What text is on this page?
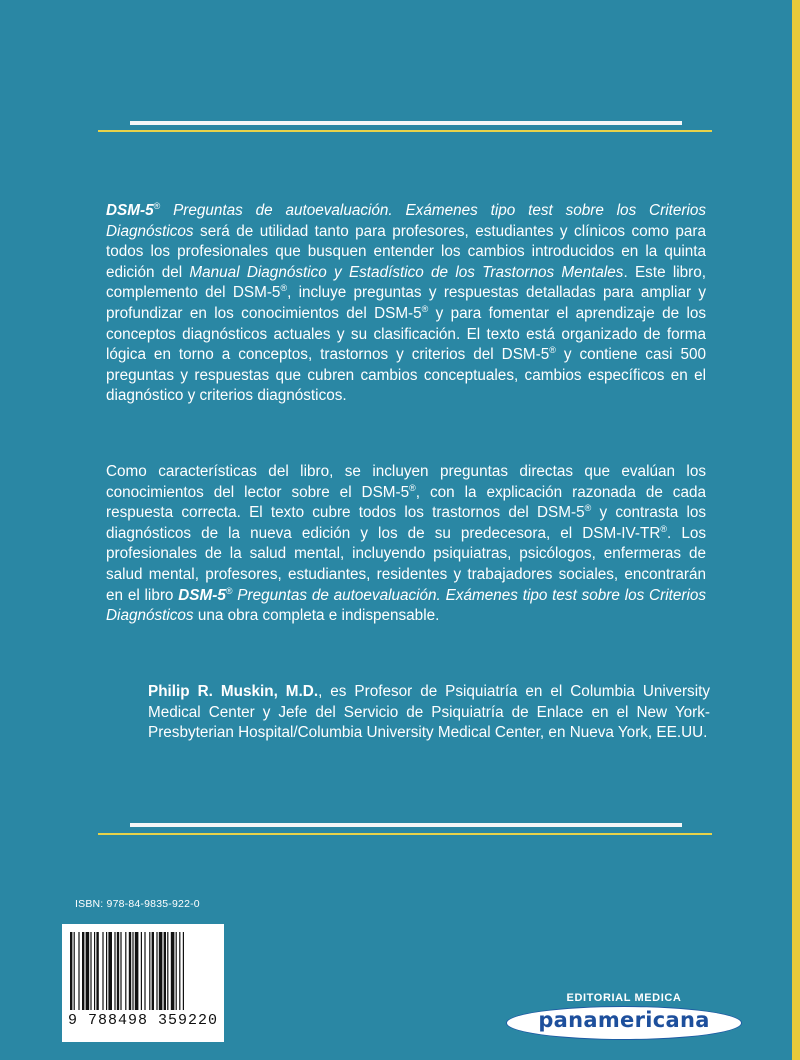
DSM-5® Preguntas de autoevaluación. Exámenes tipo test sobre los Criterios Diagnósticos será de utilidad tanto para profesores, estudiantes y clínicos como para todos los profesionales que busquen entender los cambios introducidos en la quinta edición del Manual Diagnóstico y Estadístico de los Trastornos Mentales. Este libro, complemento del DSM-5®, incluye preguntas y respuestas detalladas para ampliar y profundizar en los conocimientos del DSM-5® y para fomentar el aprendizaje de los conceptos diagnósticos actuales y su clasificación. El texto está organizado de forma lógica en torno a conceptos, trastornos y criterios del DSM-5® y contiene casi 500 preguntas y respuestas que cubren cambios conceptuales, cambios específicos en el diagnóstico y criterios diagnósticos.

Como características del libro, se incluyen preguntas directas que evalúan los conocimientos del lector sobre el DSM-5®, con la explicación razonada de cada respuesta correcta. El texto cubre todos los trastornos del DSM-5® y contrasta los diagnósticos de la nueva edición y los de su predecesora, el DSM-IV-TR®. Los profesionales de la salud mental, incluyendo psiquiatras, psicólogos, enfermeras de salud mental, profesores, estudiantes, residentes y trabajadores sociales, encontrarán en el libro DSM-5® Preguntas de autoevaluación. Exámenes tipo test sobre los Criterios Diagnósticos una obra completa e indispensable.

Philip R. Muskin, M.D., es Profesor de Psiquiatría en el Columbia University Medical Center y Jefe del Servicio de Psiquiatría de Enlace en el New York-Presbyterian Hospital/Columbia University Medical Center, en Nueva York, EE.UU.

ISBN: 978-84-9835-922-0
9 788498 359220
EDITORIAL MEDICA
panamericana
